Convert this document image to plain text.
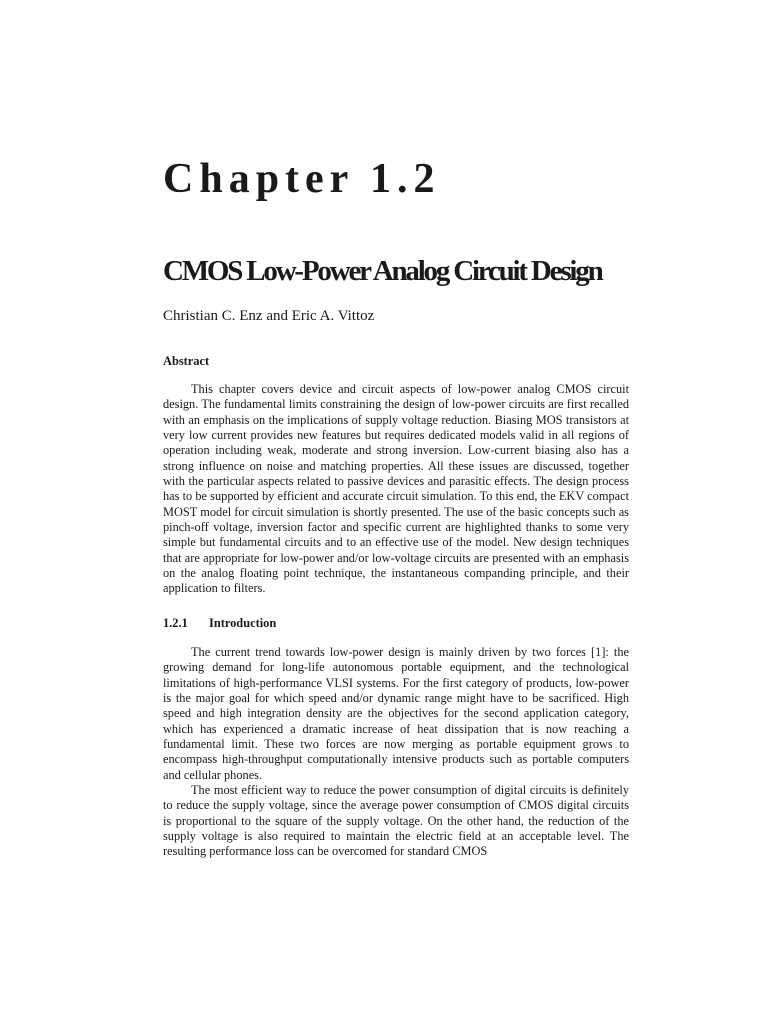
Chapter 1.2
CMOS Low-Power Analog Circuit Design

Christian C. Enz and Eric A. Vittoz

Abstract

This chapter covers device and circuit aspects of low-power analog CMOS circuit design. The fundamental limits constraining the design of low-power circuits are first recalled with an emphasis on the implications of supply voltage reduction. Biasing MOS transistors at very low current provides new features but requires dedicated models valid in all regions of operation including weak, moderate and strong inversion. Low-current biasing also has a strong influence on noise and matching properties. All these issues are discussed, together with the particular aspects related to passive devices and parasitic effects. The design process has to be supported by efficient and accurate circuit simulation. To this end, the EKV compact MOST model for circuit simulation is shortly presented. The use of the basic concepts such as pinch-off voltage, inversion factor and specific current are highlighted thanks to some very simple but fundamental circuits and to an effective use of the model. New design techniques that are appropriate for low-power and/or low-voltage circuits are presented with an emphasis on the analog floating point technique, the instantaneous companding principle, and their application to filters.

1.2.1 Introduction

The current trend towards low-power design is mainly driven by two forces [1]: the growing demand for long-life autonomous portable equipment, and the technological limitations of high-performance VLSI systems. For the first category of products, low-power is the major goal for which speed and/or dynamic range might have to be sacrificed. High speed and high integration density are the objectives for the second application category, which has experienced a dramatic increase of heat dissipation that is now reaching a fundamental limit. These two forces are now merging as portable equipment grows to encompass high-throughput computationally intensive products such as portable computers and cellular phones.

The most efficient way to reduce the power consumption of digital circuits is definitely to reduce the supply voltage, since the average power consumption of CMOS digital circuits is proportional to the square of the supply voltage. On the other hand, the reduction of the supply voltage is also required to maintain the electric field at an acceptable level. The resulting performance loss can be overcomed for standard CMOS
